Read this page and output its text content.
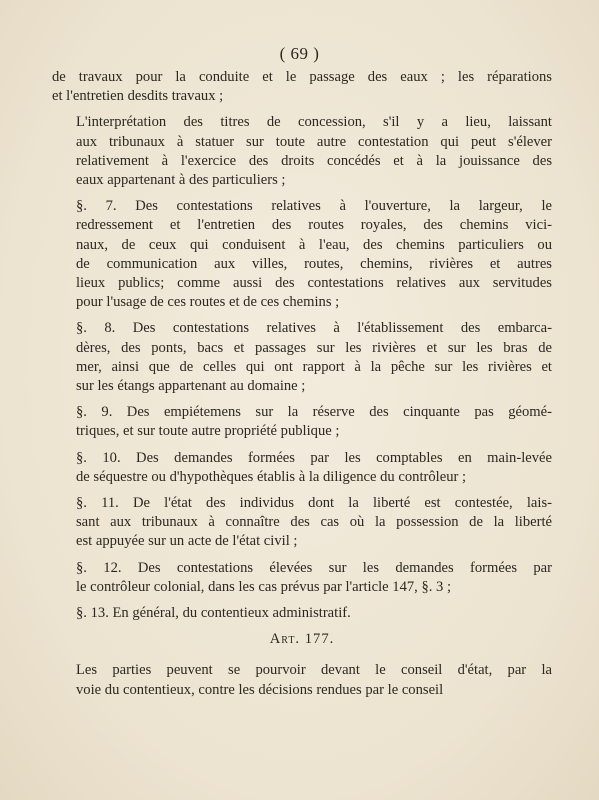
( 69 )

de travaux pour la conduite et le passage des eaux ; les réparations
et l'entretien desdits travaux ;

L'interprétation des titres de concession, s'il y a lieu, laissant
aux tribunaux à statuer sur toute autre contestation qui peut s'élever
relativement à l'exercice des droits concédés et à la jouissance des
eaux appartenant à des particuliers ;

§. 7. Des contestations relatives à l'ouverture, la largeur, le
redressement et l'entretien des routes royales, des chemins vici-
naux, de ceux qui conduisent à l'eau, des chemins particuliers ou
de communication aux villes, routes, chemins, rivières et autres
lieux publics; comme aussi des contestations relatives aux servitudes
pour l'usage de ces routes et de ces chemins ;

§. 8. Des contestations relatives à l'établissement des embarca-
dères, des ponts, bacs et passages sur les rivières et sur les bras de
mer, ainsi que de celles qui ont rapport à la pêche sur les rivières et
sur les étangs appartenant au domaine ;

§. 9. Des empiétemens sur la réserve des cinquante pas géomé-
triques, et sur toute autre propriété publique ;

§. 10. Des demandes formées par les comptables en main-levée
de séquestre ou d'hypothèques établis à la diligence du contrôleur ;

§. 11. De l'état des individus dont la liberté est contestée, lais-
sant aux tribunaux à connaître des cas où la possession de la liberté
est appuyée sur un acte de l'état civil ;

§. 12. Des contestations élevées sur les demandes formées par
le contrôleur colonial, dans les cas prévus par l'article 147, §. 3 ;

§. 13. En général, du contentieux administratif.

Art. 177.

Les parties peuvent se pourvoir devant le conseil d'état, par la
voie du contentieux, contre les décisions rendues par le conseil
